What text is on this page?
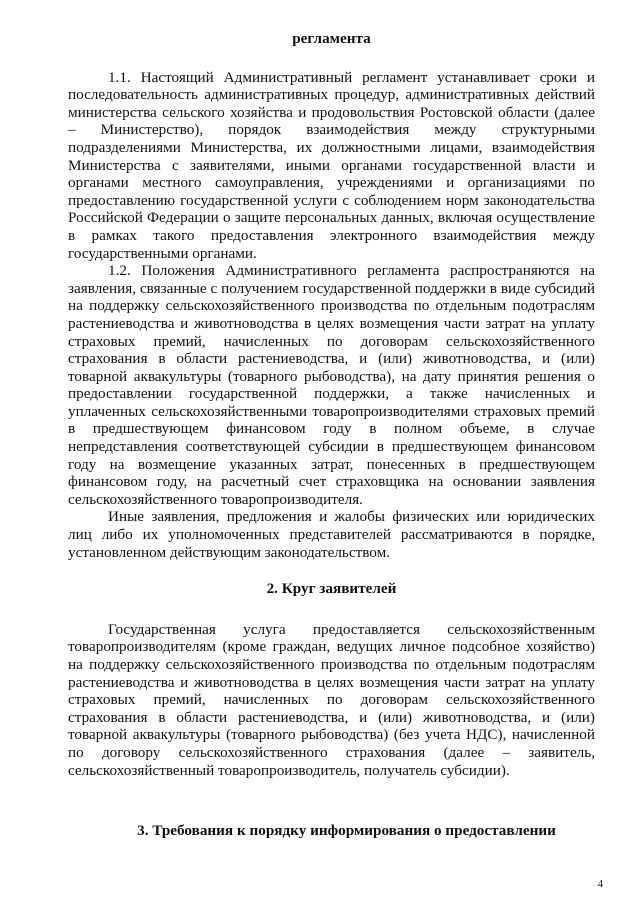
регламента

1.1. Настоящий Административный регламент устанавливает сроки и последовательность административных процедур, административных действий министерства сельского хозяйства и продовольствия Ростовской области (далее – Министерство), порядок взаимодействия между структурными подразделениями Министерства, их должностными лицами, взаимодействия Министерства с заявителями, иными органами государственной власти и органами местного самоуправления, учреждениями и организациями по предоставлению государственной услуги с соблюдением норм законодательства Российской Федерации о защите персональных данных, включая осуществление в рамках такого предоставления электронного взаимодействия между государственными органами.

1.2. Положения Административного регламента распространяются на заявления, связанные с получением государственной поддержки в виде субсидий на поддержку сельскохозяйственного производства по отдельным подотраслям растениеводства и животноводства в целях возмещения части затрат на уплату страховых премий, начисленных по договорам сельскохозяйственного страхования в области растениеводства, и (или) животноводства, и (или) товарной аквакультуры (товарного рыбоводства), на дату принятия решения о предоставлении государственной поддержки, а также начисленных и уплаченных сельскохозяйственными товаропроизводителями страховых премий в предшествующем финансовом году в полном объеме, в случае непредставления соответствующей субсидии в предшествующем финансовом году на возмещение указанных затрат, понесенных в предшествующем финансовом году, на расчетный счет страховщика на основании заявления сельскохозяйственного товаропроизводителя.

Иные заявления, предложения и жалобы физических или юридических лиц либо их уполномоченных представителей рассматриваются в порядке, установленном действующим законодательством.

2. Круг заявителей

Государственная услуга предоставляется сельскохозяйственным товаропроизводителям (кроме граждан, ведущих личное подсобное хозяйство) на поддержку сельскохозяйственного производства по отдельным подотраслям растениеводства и животноводства в целях возмещения части затрат на уплату страховых премий, начисленных по договорам сельскохозяйственного страхования в области растениеводства, и (или) животноводства, и (или) товарной аквакультуры (товарного рыбоводства) (без учета НДС), начисленной по договору сельскохозяйственного страхования (далее – заявитель, сельскохозяйственный товаропроизводитель, получатель субсидии).

3. Требования к порядку информирования о предоставлении

4
